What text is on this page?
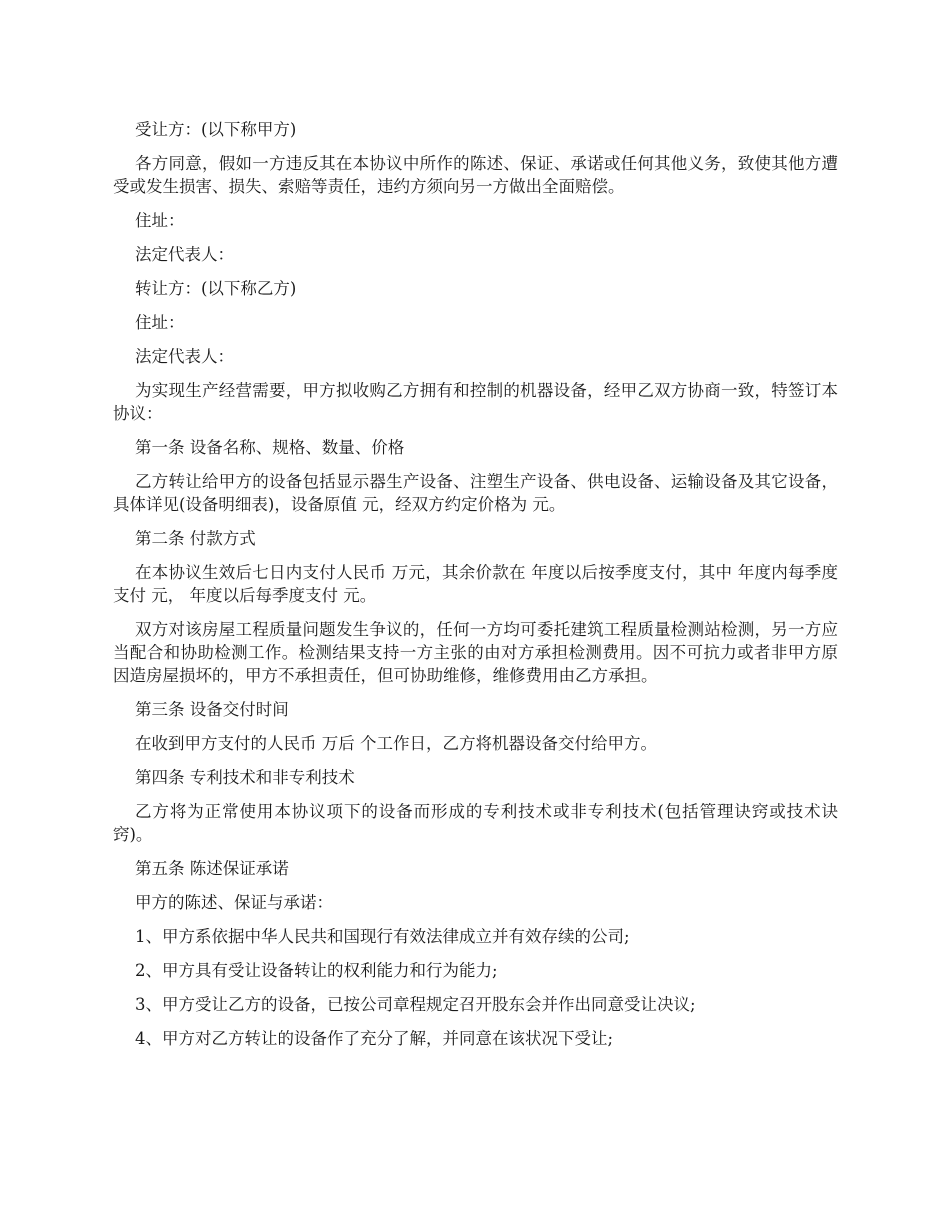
受让方：(以下称甲方)

各方同意，假如一方违反其在本协议中所作的陈述、保证、承诺或任何其他义务，致使其他方遭受或发生损害、损失、索赔等责任，违约方须向另一方做出全面赔偿。

住址：

法定代表人：

转让方：(以下称乙方)

住址：

法定代表人：

为实现生产经营需要，甲方拟收购乙方拥有和控制的机器设备，经甲乙双方协商一致，特签订本协议：

第一条 设备名称、规格、数量、价格

乙方转让给甲方的设备包括显示器生产设备、注塑生产设备、供电设备、运输设备及其它设备，具体详见(设备明细表)，设备原值 元，经双方约定价格为 元。

第二条 付款方式

在本协议生效后七日内支付人民币 万元，其余价款在 年度以后按季度支付，其中 年度内每季度支付 元， 年度以后每季度支付 元。

双方对该房屋工程质量问题发生争议的，任何一方均可委托建筑工程质量检测站检测，另一方应当配合和协助检测工作。检测结果支持一方主张的由对方承担检测费用。因不可抗力或者非甲方原因造房屋损坏的，甲方不承担责任，但可协助维修，维修费用由乙方承担。

第三条 设备交付时间

在收到甲方支付的人民币 万后 个工作日，乙方将机器设备交付给甲方。

第四条 专利技术和非专利技术

乙方将为正常使用本协议项下的设备而形成的专利技术或非专利技术(包括管理诀窍或技术诀窍)。

第五条 陈述保证承诺

甲方的陈述、保证与承诺：

1、甲方系依据中华人民共和国现行有效法律成立并有效存续的公司;

2、甲方具有受让设备转让的权利能力和行为能力;

3、甲方受让乙方的设备，已按公司章程规定召开股东会并作出同意受让决议;

4、甲方对乙方转让的设备作了充分了解，并同意在该状况下受让;
